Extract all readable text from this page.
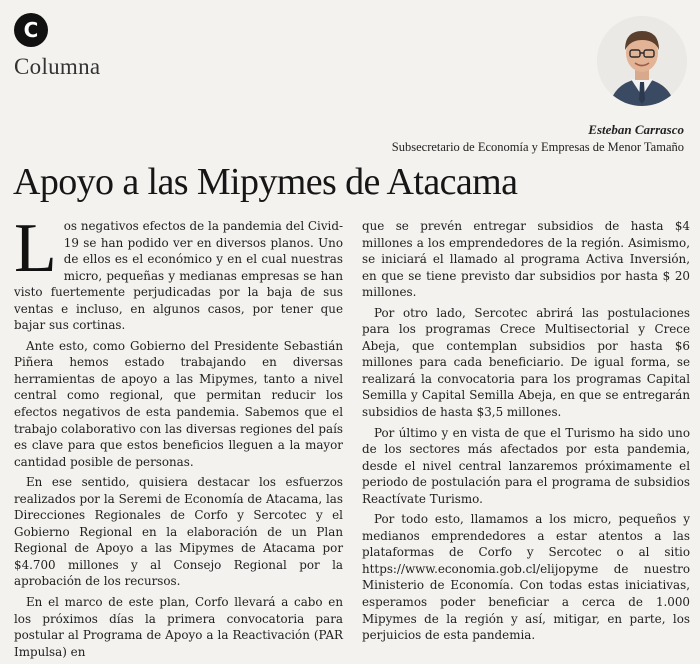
C
Columna
Esteban Carrasco
Subsecretario de Economía y Empresas de Menor Tamaño
Apoyo a las Mipymes de Atacama

Los negativos efectos de la pandemia del Civid-19 se han podido ver en diversos planos. Uno de ellos es el económico y en el cual nuestras micro, pequeñas y medianas empresas se han visto fuertemente perjudicadas por la baja de sus ventas e incluso, en algunos casos, por tener que bajar sus cortinas.

Ante esto, como Gobierno del Presidente Sebastián Piñera hemos estado trabajando en diversas herramientas de apoyo a las Mipymes, tanto a nivel central como regional, que permitan reducir los efectos negativos de esta pandemia. Sabemos que el trabajo colaborativo con las diversas regiones del país es clave para que estos beneficios lleguen a la mayor cantidad posible de personas.

En ese sentido, quisiera destacar los esfuerzos realizados por la Seremi de Economía de Atacama, las Direcciones Regionales de Corfo y Sercotec y el Gobierno Regional en la elaboración de un Plan Regional de Apoyo a las Mipymes de Atacama por $4.700 millones y al Consejo Regional por la aprobación de los recursos.

En el marco de este plan, Corfo llevará a cabo en los próximos días la primera convocatoria para postular al Programa de Apoyo a la Reactivación (PAR Impulsa) en

que se prevén entregar subsidios de hasta $4 millones a los emprendedores de la región. Asimismo, se iniciará el llamado al programa Activa Inversión, en que se tiene previsto dar subsidios por hasta $ 20 millones.

Por otro lado, Sercotec abrirá las postulaciones para los programas Crece Multisectorial y Crece Abeja, que contemplan subsidios por hasta $6 millones para cada beneficiario. De igual forma, se realizará la convocatoria para los programas Capital Semilla y Capital Semilla Abeja, en que se entregarán subsidios de hasta $3,5 millones.

Por último y en vista de que el Turismo ha sido uno de los sectores más afectados por esta pandemia, desde el nivel central lanzaremos próximamente el periodo de postulación para el programa de subsidios Reactívate Turismo.

Por todo esto, llamamos a los micro, pequeños y medianos emprendedores a estar atentos a las plataformas de Corfo y Sercotec o al sitio https://www.economia.gob.cl/elijopyme de nuestro Ministerio de Economía. Con todas estas iniciativas, esperamos poder beneficiar a cerca de 1.000 Mipymes de la región y así, mitigar, en parte, los perjuicios de esta pandemia.
